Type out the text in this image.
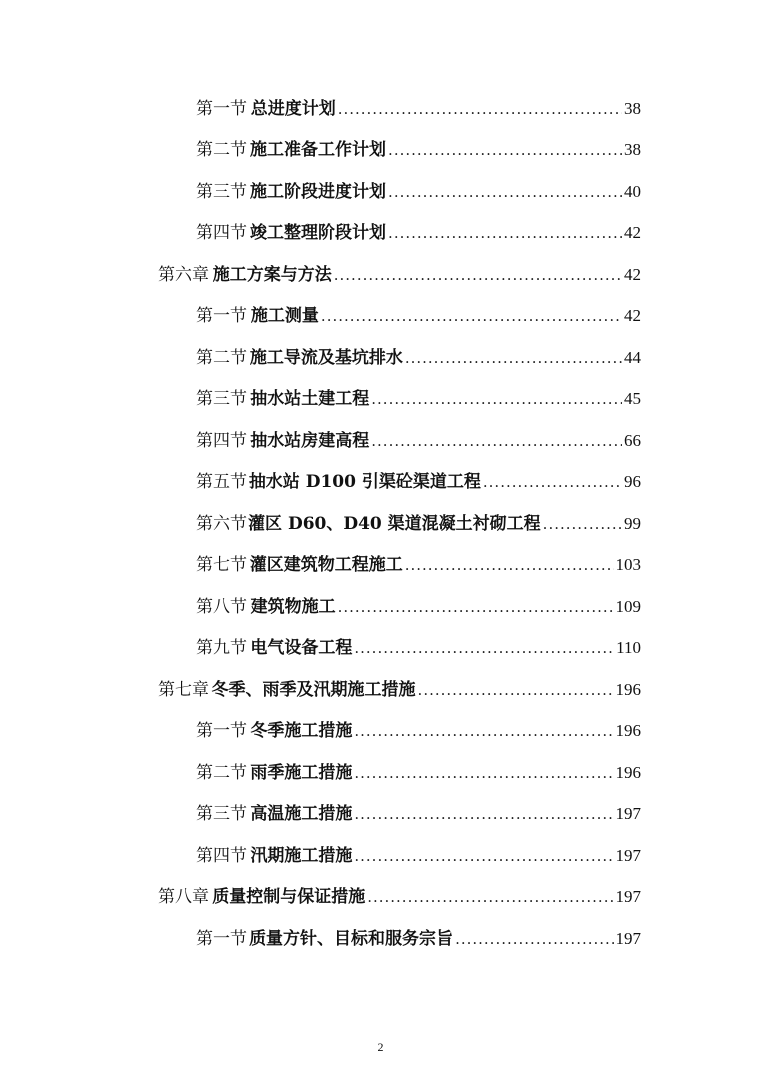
第一节 总进度计划 .....	38
第二节 施工准备工作计划 .....	38
第三节 施工阶段进度计划 .....	40
第四节 竣工整理阶段计划 .....	42
第六章 施工方案与方法 .....	42
第一节 施工测量 .....	42
第二节 施工导流及基坑排水 .....	44
第三节 抽水站土建工程 .....	45
第四节 抽水站房建高程 .....	66
第五节 抽水站 D100 引渠砼渠道工程 .....	96
第六节 灌区 D60、D40 渠道混凝土衬砌工程 .....	99
第七节 灌区建筑物工程施工 .....	103
第八节 建筑物施工 .....	109
第九节 电气设备工程 .....	110
第七章 冬季、雨季及汛期施工措施 .....	196
第一节 冬季施工措施 .....	196
第二节 雨季施工措施 .....	196
第三节 高温施工措施 .....	197
第四节 汛期施工措施 .....	197
第八章 质量控制与保证措施 .....	197
第一节 质量方针、目标和服务宗旨 .....	197
2
